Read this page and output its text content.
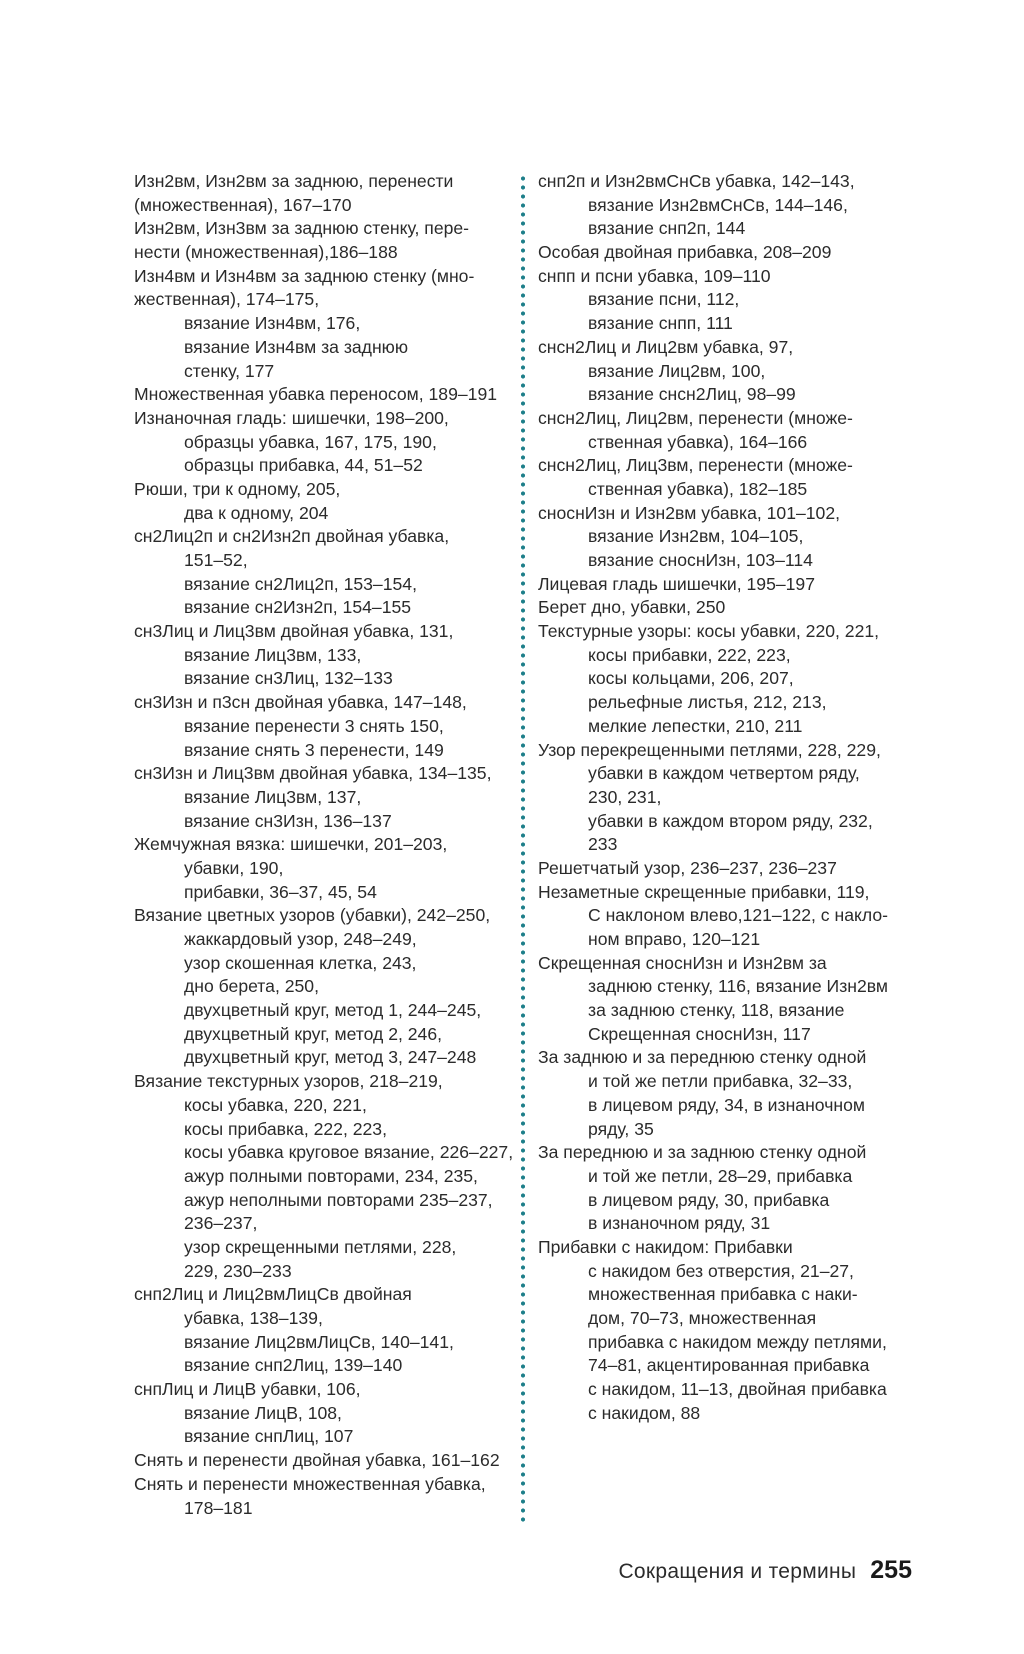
Изн2вм, Изн2вм за заднюю, перенести
(множественная), 167–170
Изн2вм, Изн3вм за заднюю стенку, пере-
нести (множественная),186–188
Изн4вм и Изн4вм за заднюю стенку (мно-
жественная), 174–175,
вязание Изн4вм, 176,
вязание Изн4вм за заднюю
стенку, 177
Множественная убавка переносом, 189–191
Изнаночная гладь: шишечки, 198–200,
образцы убавка, 167, 175, 190,
образцы прибавка, 44, 51–52
Рюши, три к одному, 205,
два к одному, 204
сн2Лиц2п и сн2Изн2п двойная убавка,
151–52,
вязание сн2Лиц2п, 153–154,
вязание сн2Изн2п, 154–155
сн3Лиц и Лиц3вм двойная убавка, 131,
вязание Лиц3вм, 133,
вязание сн3Лиц, 132–133
сн3Изн и п3сн двойная убавка, 147–148,
вязание перенести 3 снять 150,
вязание снять 3 перенести, 149
сн3Изн и Лиц3вм двойная убавка, 134–135,
вязание Лиц3вм, 137,
вязание сн3Изн, 136–137
Жемчужная вязка: шишечки, 201–203,
убавки, 190,
прибавки, 36–37, 45, 54
Вязание цветных узоров (убавки), 242–250,
жаккардовый узор, 248–249,
узор скошенная клетка, 243,
дно берета, 250,
двухцветный круг, метод 1, 244–245,
двухцветный круг, метод 2, 246,
двухцветный круг, метод 3, 247–248
Вязание текстурных узоров, 218–219,
косы убавка, 220, 221,
косы прибавка, 222, 223,
косы убавка круговое вязание, 226–227,
ажур полными повторами, 234, 235,
ажур неполными повторами 235–237,
236–237,
узор скрещенными петлями, 228,
229, 230–233
снп2Лиц и Лиц2вмЛицСв двойная
убавка, 138–139,
вязание Лиц2вмЛицСв, 140–141,
вязание снп2Лиц, 139–140
снпЛиц и ЛицВ убавки, 106,
вязание ЛицВ, 108,
вязание снпЛиц, 107
Снять и перенести двойная убавка, 161–162
Снять и перенести множественная убавка,
178–181
снп2п и Изн2вмСнСв убавка, 142–143,
вязание Изн2вмСнСв, 144–146,
вязание снп2п, 144
Особая двойная прибавка, 208–209
снпп и псни убавка, 109–110
вязание псни, 112,
вязание снпп, 111
снсн2Лиц и Лиц2вм убавка, 97,
вязание Лиц2вм, 100,
вязание снсн2Лиц, 98–99
снсн2Лиц, Лиц2вм, перенести (множе-
ственная убавка), 164–166
снсн2Лиц, Лиц3вм, перенести (множе-
ственная убавка), 182–185
сноснИзн и Изн2вм убавка, 101–102,
вязание Изн2вм, 104–105,
вязание сноснИзн, 103–114
Лицевая гладь шишечки, 195–197
Берет дно, убавки, 250
Текстурные узоры: косы убавки, 220, 221,
косы прибавки, 222, 223,
косы кольцами, 206, 207,
рельефные листья, 212, 213,
мелкие лепестки, 210, 211
Узор перекрещенными петлями, 228, 229,
убавки в каждом четвертом ряду,
230, 231,
убавки в каждом втором ряду, 232,
233
Решетчатый узор, 236–237, 236–237
Незаметные скрещенные прибавки, 119,
С наклоном влево,121–122, с накло-
ном вправо, 120–121
Скрещенная сноснИзн и Изн2вм за
заднюю стенку, 116, вязание Изн2вм
за заднюю стенку, 118, вязание
Скрещенная сноснИзн, 117
За заднюю и за переднюю стенку одной
и той же петли прибавка, 32–33,
в лицевом ряду, 34, в изнаночном
ряду, 35
За переднюю и за заднюю стенку одной
и той же петли, 28–29, прибавка
в лицевом ряду, 30, прибавка
в изнаночном ряду, 31
Прибавки с накидом: Прибавки
с накидом без отверстия, 21–27,
множественная прибавка с наки-
дом, 70–73, множественная
прибавка с накидом между петлями,
74–81, акцентированная прибавка
с накидом, 11–13, двойная прибавка
с накидом, 88
Сокращения и термины 255
